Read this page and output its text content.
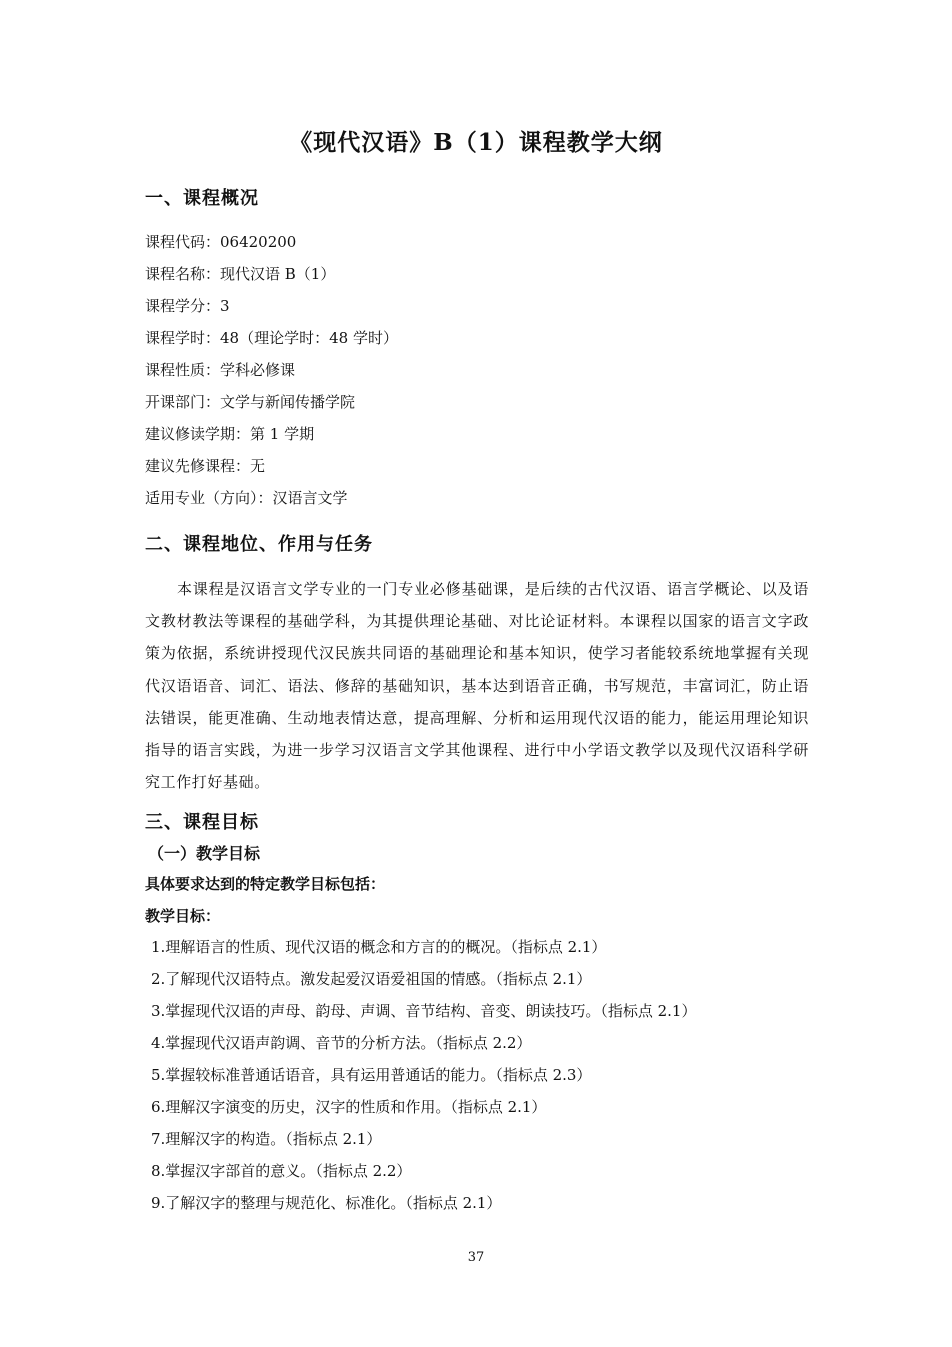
《现代汉语》B（1）课程教学大纲
一、课程概况
课程代码：06420200
课程名称：现代汉语 B（1）
课程学分：3
课程学时：48（理论学时：48 学时）
课程性质：学科必修课
开课部门：文学与新闻传播学院
建议修读学期：第 1 学期
建议先修课程：无
适用专业（方向）：汉语言文学
二、课程地位、作用与任务
本课程是汉语言文学专业的一门专业必修基础课，是后续的古代汉语、语言学概论、以及语文教材教法等课程的基础学科，为其提供理论基础、对比论证材料。本课程以国家的语言文字政策为依据，系统讲授现代汉民族共同语的基础理论和基本知识，使学习者能较系统地掌握有关现代汉语语音、词汇、语法、修辞的基础知识，基本达到语音正确，书写规范，丰富词汇，防止语法错误，能更准确、生动地表情达意，提高理解、分析和运用现代汉语的能力，能运用理论知识指导的语言实践，为进一步学习汉语言文学其他课程、进行中小学语文教学以及现代汉语科学研究工作打好基础。
三、课程目标
（一）教学目标
具体要求达到的特定教学目标包括：
教学目标：
1.理解语言的性质、现代汉语的概念和方言的的概况。（指标点 2.1）
2.了解现代汉语特点。激发起爱汉语爱祖国的情感。（指标点 2.1）
3.掌握现代汉语的声母、韵母、声调、音节结构、音变、朗读技巧。（指标点 2.1）
4.掌握现代汉语声韵调、音节的分析方法。（指标点 2.2）
5.掌握较标准普通话语音，具有运用普通话的能力。（指标点 2.3）
6.理解汉字演变的历史，汉字的性质和作用。（指标点 2.1）
7.理解汉字的构造。（指标点 2.1）
8.掌握汉字部首的意义。（指标点 2.2）
9.了解汉字的整理与规范化、标准化。（指标点 2.1）
37
